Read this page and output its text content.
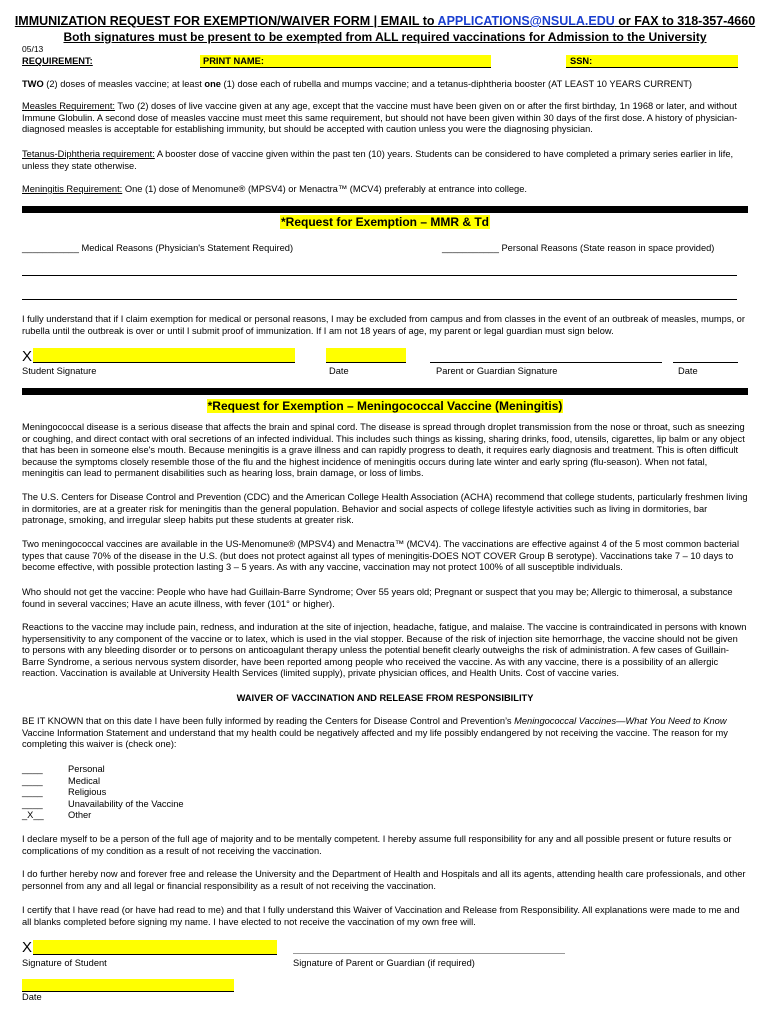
IMMUNIZATION REQUEST FOR EXEMPTION/WAIVER FORM | EMAIL to APPLICATIONS@NSULA.EDU or FAX to 318-357-4660
Both signatures must be present to be exempted from ALL required vaccinations for Admission to the University
05/13
REQUIREMENT:	PRINT NAME:	SSN:
TWO (2) doses of measles vaccine; at least one (1) dose each of rubella and mumps vaccine; and a tetanus-diphtheria booster (AT LEAST 10 YEARS CURRENT)
Measles Requirement: Two (2) doses of live vaccine given at any age, except that the vaccine must have been given on or after the first birthday, 1n 1968 or later, and without Immune Globulin. A second dose of measles vaccine must meet this same requirement, but should not have been given within 30 days of the first dose. A history of physician-diagnosed measles is acceptable for establishing immunity, but should be accepted with caution unless you were the diagnosing physician.
Tetanus-Diphtheria requirement: A booster dose of vaccine given within the past ten (10) years. Students can be considered to have completed a primary series earlier in life, unless they state otherwise.
Meningitis Requirement: One (1) dose of Menomune® (MPSV4) or Menactra™ (MCV4) preferably at entrance into college.
*Request for Exemption – MMR & Td
___________ Medical Reasons (Physician's Statement Required)	___________ Personal Reasons (State reason in space provided)
I fully understand that if I claim exemption for medical or personal reasons, I may be excluded from campus and from classes in the event of an outbreak of measles, mumps, or rubella until the outbreak is over or until I submit proof of immunization. If I am not 18 years of age, my parent or legal guardian must sign below.
X
Student Signature	Date	Parent or Guardian Signature	Date
*Request for Exemption – Meningococcal Vaccine (Meningitis)
Meningococcal disease is a serious disease that affects the brain and spinal cord. The disease is spread through droplet transmission from the nose or throat, such as sneezing or coughing, and direct contact with oral secretions of an infected individual. This includes such things as kissing, sharing drinks, food, utensils, cigarettes, lip balm or any object that has been in someone else's mouth. Because meningitis is a grave illness and can rapidly progress to death, it requires early diagnosis and treatment. This is often difficult because the symptoms closely resemble those of the flu and the highest incidence of meningitis occurs during late winter and early spring (flu-season). When not fatal, meningitis can lead to permanent disabilities such as hearing loss, brain damage, or loss of limbs.
The U.S. Centers for Disease Control and Prevention (CDC) and the American College Health Association (ACHA) recommend that college students, particularly freshmen living in dormitories, are at a greater risk for meningitis than the general population. Behavior and social aspects of college lifestyle activities such as living in dormitories, bar patronage, smoking, and irregular sleep habits put these students at greater risk.
Two meningococcal vaccines are available in the US-Menomune® (MPSV4) and Menactra™ (MCV4). The vaccinations are effective against 4 of the 5 most common bacterial types that cause 70% of the disease in the U.S. (but does not protect against all types of meningitis-DOES NOT COVER Group B serotype). Vaccinations take 7 – 10 days to become effective, with possible protection lasting 3 – 5 years. As with any vaccine, vaccination may not protect 100% of all susceptible individuals.
Who should not get the vaccine: People who have had Guillain-Barre Syndrome; Over 55 years old; Pregnant or suspect that you may be; Allergic to thimerosal, a substance found in several vaccines; Have an acute illness, with fever (101° or higher).
Reactions to the vaccine may include pain, redness, and induration at the site of injection, headache, fatigue, and malaise. The vaccine is contraindicated in persons with known hypersensitivity to any component of the vaccine or to latex, which is used in the vial stopper. Because of the risk of injection site hemorrhage, the vaccine should not be given to persons with any bleeding disorder or to persons on anticoagulant therapy unless the potential benefit clearly outweighs the risk of administration. A few cases of Guillain-Barre Syndrome, a serious nervous system disorder, have been reported among people who received the vaccine. As with any vaccine, there is a possibility of an allergic reaction. Vaccination is available at University Health Services (limited supply), private physician offices, and Health Units. Cost of vaccine varies.
WAIVER OF VACCINATION AND RELEASE FROM RESPONSIBILITY
BE IT KNOWN that on this date I have been fully informed by reading the Centers for Disease Control and Prevention’s Meningococcal Vaccines—What You Need to Know Vaccine Information Statement and understand that my health could be negatively affected and my life possibly endangered by not receiving the vaccine. The reason for my completing this waiver is (check one):
____	Personal
____	Medical
____	Religious
____	Unavailability of the Vaccine
_X__	Other
I declare myself to be a person of the full age of majority and to be mentally competent. I hereby assume full responsibility for any and all possible present or future results or complications of my condition as a result of not receiving the vaccination.
I do further hereby now and forever free and release the University and the Department of Health and Hospitals and all its agents, attending health care professionals, and other personnel from any and all legal or financial responsibility as a result of not receiving the vaccination.
I certify that I have read (or have had read to me) and that I fully understand this Waiver of Vaccination and Release from Responsibility. All explanations were made to me and all blanks completed before signing my name. I have elected to not receive the vaccination of my own free will.
X
Signature of Student	Signature of Parent or Guardian (if required)
Date
